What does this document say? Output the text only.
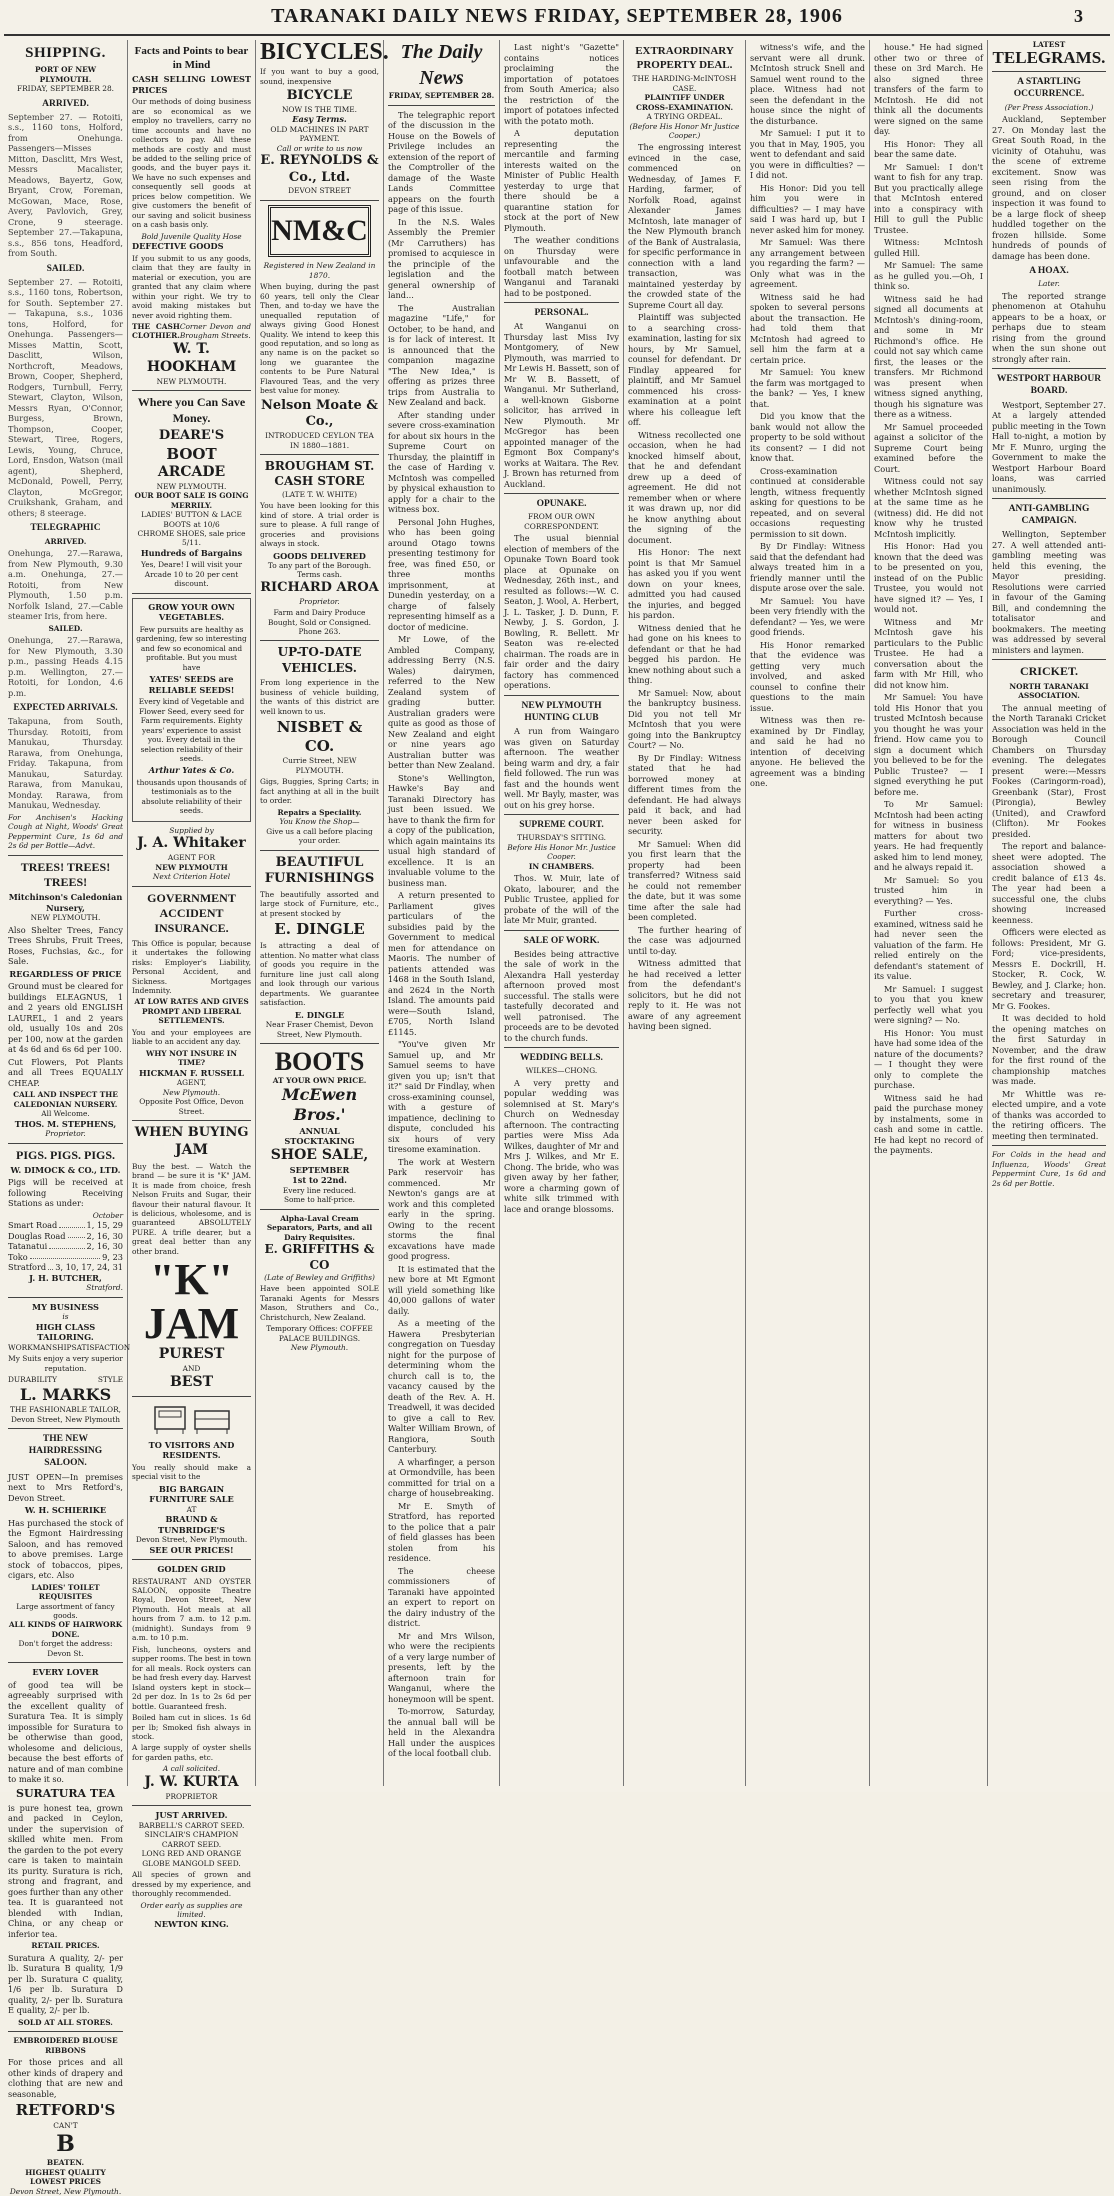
TARANAKI DAILY NEWS FRIDAY, SEPTEMBER 28, 1906	3
SHIPPING.
PORT OF NEW PLYMOUTH.
FRIDAY, SEPTEMBER 28.
ARRIVED.

September 27. — Rotoiti, s.s., 1160 tons, Holford, from Onehunga. Passengers—Misses Mitton, Dasclitt, Mrs West, Messrs Macalister, Meadows, Bayertz, Gow, Bryant, Crow, Foreman, McGowan, Mace, Rose, Avery, Pavlovich, Grey, Crone, 9 steerage. September 27.—Takapuna, s.s., 856 tons, Headford, from South.

SAILED.

September 27. — Rotoiti, s.s., 1160 tons, Robertson, for South. September 27. — Takapuna, s.s., 1036 tons, Holford, for Onehunga. Passengers—Misses Mattin, Scott, Dasclitt, Wilson, Northcroft, Meadows, Brown, Cooper, Shepherd, Rodgers, Turnbull, Ferry, Stewart, Clayton, Wilson, Messrs Ryan, O'Connor, Burgess, Brown, Thompson, Cooper, Stewart, Tiree, Rogers, Lewis, Young, Chruce, Lord, Ensdon, Watson (mail agent), Shepherd, McDonald, Powell, Perry, Clayton, McGregor, Cruikshank, Graham, and others; 8 steerage.

TELEGRAPHIC
ARRIVED.

Onehunga, 27.—Rarawa, from New Plymouth, 9.30 a.m. Onehunga, 27.—Rotoiti, from New Plymouth, 1.50 p.m. Norfolk Island, 27.—Cable steamer Iris, from here.

SAILED.

Onehunga, 27.—Rarawa, for New Plymouth, 3.30 p.m., passing Heads 4.15 p.m. Wellington, 27.—Rotoiti, for London, 4.6 p.m.

EXPECTED ARRIVALS.

Takapuna, from South, Thursday. Rotoiti, from Manukau, Thursday. Rarawa, from Onehunga, Friday. Takapuna, from Manukau, Saturday. Rarawa, from Manukau, Monday. Rarawa, from Manukau, Wednesday.

For Anchisen's Hacking Cough at Night, Woods' Great Peppermint Cure, 1s 6d and 2s 6d per Bottle—Advt.

TREES! TREES! TREES!
Mitchinson's Caledonian Nursery,
NEW PLYMOUTH.

Also Shelter Trees, Fancy Trees Shrubs, Fruit Trees, Roses, Fuchsias, &c., for Sale.

REGARDLESS OF PRICE

Ground must be cleared for buildings ELEAGNUS, 1 and 2 years old ENGLISH LAUREL, 1 and 2 years old, usually 10s and 20s per 100, now at the garden at 4s 6d and 6s 6d per 100.

Cut Flowers, Pot Plants and all Trees EQUALLY CHEAP.

CALL AND INSPECT THE CALEDONIAN NURSERY.
All Welcome.
THOS. M. STEPHENS,
Proprietor.
PIGS. PIGS. PIGS.
W. DIMOCK & CO., LTD.

Pigs will be received at following Receiving Stations as under:

October
Smart Road	1, 15, 29
Douglas Road	2, 16, 30
Tatanatui	2, 16, 30
Toko	9, 23
Stratford 3, 10, 17, 24, 31
J. H. BUTCHER,
Stratford.
MY BUSINESS
is
HIGH CLASS TAILORING.
WORKMANSHIP SATISFACTION

My Suits enjoy a very superior reputation.

DURABILITY	STYLE
L. MARKS
THE FASHIONABLE TAILOR, Devon Street, New Plymouth
THE NEW HAIRDRESSING SALOON.

JUST OPEN—In premises next to Mrs Retford's, Devon Street.

W. H. SCHIERIKE

Has purchased the stock of the Egmont Hairdressing Saloon, and has removed to above premises. Large stock of tobaccos, pipes, cigars, etc. Also

LADIES' TOILET REQUISITES
Large assortment of fancy goods.
ALL KINDS OF HAIRWORK DONE.
Don't forget the address: Devon St.
EVERY LOVER

of good tea will be agreeably surprised with the excellent quality of Suratura Tea. It is simply impossible for Suratura to be otherwise than good, wholesome and delicious, because the best efforts of nature and of man combine to make it so.

SURATURA TEA

is pure honest tea, grown and packed in Ceylon, under the supervision of skilled white men. From the garden to the pot every care is taken to maintain its purity. Suratura is rich, strong and fragrant, and goes further than any other tea. It is guaranteed not blended with Indian, China, or any cheap or inferior tea.

RETAIL PRICES.

Suratura A quality, 2/- per lb. Suratura B quality, 1/9 per lb. Suratura C quality, 1/6 per lb. Suratura D quality, 2/- per lb. Suratura E quality, 2/- per lb.

SOLD AT ALL STORES.
EMBROIDERED BLOUSE RIBBONS

For those prices and all other kinds of drapery and clothing that are new and seasonable,

RETFORD'S
CAN'T
B
BEATEN.
HIGHEST QUALITY LOWEST PRICES
Devon Street, New Plymouth.
Facts and Points to bear in Mind
CASH SELLING LOWEST PRICES

Our methods of doing business are so economical as we employ no travellers, carry no time accounts and have no collectors to pay. All these methods are costly and must be added to the selling price of goods, and the buyer pays it. We have no such expenses and consequently sell goods at prices below competition. We give customers the benefit of our saving and solicit business on a cash basis only.

Bold Juvenile Quality Hose
DEFECTIVE GOODS

If you submit to us any goods, claim that they are faulty in material or execution, you are granted that any claim where within your right. We try to avoid making mistakes but never avoid righting them.

THE CASH CLOTHIER.
Corner Devon and Brougham Streets.
W. T. HOOKHAM
NEW PLYMOUTH.
Where you Can Save Money.
DEARE'S
BOOT
ARCADE
NEW PLYMOUTH.
OUR BOOT SALE IS GOING MERRILY.
LADIES' BUTTON & LACE BOOTS at 10/6
CHROME SHOES, sale price 5/11.
Hundreds of Bargains

Yes, Deare! I will visit your Arcade 10 to 20 per cent discount.

GROW YOUR OWN VEGETABLES.

Few pursuits are healthy as gardening, few so interesting and few so economical and profitable. But you must have

YATES' SEEDS are RELIABLE SEEDS!

Every kind of Vegetable and Flower Seed, every seed for Farm requirements. Eighty years' experience to assist you. Every detail in the selection reliability of their seeds.

Arthur Yates & Co.

thousands upon thousands of testimonials as to the absolute reliability of their seeds.

Supplied by
J. A. Whitaker
AGENT FOR
NEW PLYMOUTH
Next Criterion Hotel
GOVERNMENT ACCIDENT INSURANCE.

This Office is popular, because it undertakes the following risks: Employer's Liability, Personal Accident, and Sickness. Mortgages Indemnity.

AT LOW RATES AND GIVES PROMPT AND LIBERAL SETTLEMENTS.

You and your employees are liable to an accident any day.

WHY NOT INSURE IN TIME?
HICKMAN F. RUSSELL
AGENT,
New Plymouth.
Opposite Post Office, Devon Street.
WHEN BUYING
JAM

Buy the best. — Watch the brand — be sure it is "K" JAM. It is made from choice, fresh Nelson Fruits and Sugar, their flavour their natural flavour. It is delicious, wholesome, and is guaranteed ABSOLUTELY PURE. A trifle dearer, but a great deal better than any other brand.

"K" JAM
PUREST
AND
BEST
TO VISITORS AND RESIDENTS.

You really should make a special visit to the

BIG BARGAIN FURNITURE SALE
AT
BRAUND & TUNBRIDGE'S
Devon Street, New Plymouth.
SEE OUR PRICES!
GOLDEN GRID

RESTAURANT AND OYSTER SALOON, opposite Theatre Royal, Devon Street, New Plymouth. Hot meals at all hours from 7 a.m. to 12 p.m. (midnight). Sundays from 9 a.m. to 10 p.m.

Fish, luncheons, oysters and supper rooms. The best in town for all meals. Rock oysters can be had fresh every day. Harvest Island oysters kept in stock—2d per doz. In 1s to 2s 6d per bottle. Guaranteed fresh.

Boiled ham cut in slices. 1s 6d per lb; Smoked fish always in stock.

A large supply of oyster shells for garden paths, etc.

A call solicited.
J. W. KURTA
PROPRIETOR
JUST ARRIVED.
BARBELL'S CARROT SEED.
SINCLAIR'S CHAMPION CARROT SEED.
LONG RED AND ORANGE GLOBE MANGOLD SEED.

All species of grown and dressed by my experience, and thoroughly recommended.

Order early as supplies are limited.
NEWTON KING.
BICYCLES.

If you want to buy a good, sound, inexpensive

BICYCLE
NOW IS THE TIME.
Easy Terms.
OLD MACHINES IN PART PAYMENT.
Call or write to us now
E. REYNOLDS & Co., Ltd.
DEVON STREET
NM&C
Registered in New Zealand in 1870.

When buying, during the past 60 years, tell only the Clear Then, and to-day we have the unequalled reputation of always giving Good Honest Quality. We intend to keep this good reputation, and so long as any name is on the packet so long we guarantee the contents to be Pure Natural Flavoured Teas, and the very best value for money.

Nelson Moate & Co.,
INTRODUCED CEYLON TEA IN 1880—1881.
BROUGHAM ST. CASH STORE
(LATE T. W. WHITE)

You have been looking for this kind of store. A trial order is sure to please. A full range of groceries and provisions always in stock.

GOODS DELIVERED
To any part of the Borough. Terms cash.
RICHARD AROA
Proprietor.

Farm and Dairy Produce Bought, Sold or Consigned. Phone 263.

UP-TO-DATE VEHICLES.

From long experience in the business of vehicle building, the wants of this district are well known to us.

NISBET & CO.
Currie Street, NEW PLYMOUTH.

Gigs, Buggies, Spring Carts; in fact anything at all in the built to order.

Repairs a Speciality.
You Know the Shop—
Give us a call before placing your order.
BEAUTIFUL
FURNISHINGS

The beautifully assorted and large stock of Furniture, etc., at present stocked by

E. DINGLE

Is attracting a deal of attention. No matter what class of goods you require in the furniture line just call along and look through our various departments. We guarantee satisfaction.

E. DINGLE
Near Fraser Chemist, Devon Street, New Plymouth.
BOOTS
AT YOUR OWN PRICE.
McEwen Bros.'
ANNUAL
STOCKTAKING
SHOE SALE,
SEPTEMBER
1st to 22nd.
Every line reduced.
Some to half-price.
Alpha-Laval Cream Separators, Parts, and all Dairy Requisites.
E. GRIFFITHS & CO
(Late of Bewley and Griffiths)

Have been appointed SOLE Taranaki Agents for Messrs Mason, Struthers and Co., Christchurch, New Zealand.

Temporary Offices: COFFEE PALACE BUILDINGS.
New Plymouth.
The Daily News
FRIDAY, SEPTEMBER 28.

The telegraphic report of the discussion in the House on the Bowels of Privilege includes an extension of the report of the Comptroller of the damage of the Waste Lands Committee appears on the fourth page of this issue.

In the N.S. Wales Assembly the Premier (Mr Carruthers) has promised to acquiesce in the principle of the legislation and the general ownership of land...

The Australian magazine "Life," for October, to be hand, and is for lack of interest. It is announced that the companion magazine "The New Idea," is offering as prizes three trips from Australia to New Zealand and back.

After standing under severe cross-examination for about six hours in the Supreme Court on Thursday, the plaintiff in the case of Harding v. McIntosh was compelled by physical exhaustion to apply for a chair to the witness box.

Personal John Hughes, who has been going around Otago towns presenting testimony for free, was fined £50, or three months imprisonment, at Dunedin yesterday, on a charge of falsely representing himself as a doctor of medicine.

Mr Lowe, of the Ambled Company, addressing Berry (N.S. Wales) dairymen, referred to the New Zealand system of grading butter. Australian graders were quite as good as those of New Zealand and eight or nine years ago Australian butter was better than New Zealand.

Stone's Wellington, Hawke's Bay and Taranaki Directory has just been issued. We have to thank the firm for a copy of the publication, which again maintains its usual high standard of excellence. It is an invaluable volume to the business man.

A return presented to Parliament gives particulars of the subsidies paid by the Government to medical men for attendance on Maoris. The number of patients attended was 1468 in the South Island, and 2624 in the North Island. The amounts paid were—South Island, £705, North Island £1145.

"You've given Mr Samuel up, and Mr Samuel seems to have given you up; isn't that it?" said Dr Findlay, when cross-examining counsel, with a gesture of impatience, declining to dispute, concluded his six hours of very tiresome examination.

The work at Western Park reservoir has commenced. Mr Newton's gangs are at work and this completed early in the spring. Owing to the recent storms the final excavations have made good progress.

It is estimated that the new bore at Mt Egmont will yield something like 40,000 gallons of water daily.

As a meeting of the Hawera Presbyterian congregation on Tuesday night for the purpose of determining whom the church call is to, the vacancy caused by the death of the Rev. A. H. Treadwell, it was decided to give a call to Rev. Walter William Brown, of Rangiora, South Canterbury.

A wharfinger, a person at Ormondville, has been committed for trial on a charge of housebreaking.

Mr E. Smyth of Stratford, has reported to the police that a pair of field glasses has been stolen from his residence.

The cheese commissioners of Taranaki have appointed an expert to report on the dairy industry of the district.

Mr and Mrs Wilson, who were the recipients of a very large number of presents, left by the afternoon train for Wanganui, where the honeymoon will be spent.

To-morrow, Saturday, the annual ball will be held in the Alexandra Hall under the auspices of the local football club.

Last night's "Gazette" contains notices proclaiming the importation of potatoes from South America; also the restriction of the import of potatoes infected with the potato moth.

A deputation representing the mercantile and farming interests waited on the Minister of Public Health yesterday to urge that there should be a quarantine station for stock at the port of New Plymouth.

The weather conditions on Thursday were unfavourable and the football match between Wanganui and Taranaki had to be postponed.

PERSONAL.

At Wanganui on Thursday last Miss Ivy Montgomery, of New Plymouth, was married to Mr Lewis H. Bassett, son of Mr W. B. Bassett, of Wanganui. Mr Sutherland, a well-known Gisborne solicitor, has arrived in New Plymouth. Mr McGregor has been appointed manager of the Egmont Box Company's works at Waitara. The Rev. J. Brown has returned from Auckland.

OPUNAKE.
FROM OUR OWN CORRESPONDENT.

The usual biennial election of members of the Opunake Town Board took place at Opunake on Wednesday, 26th inst., and resulted as follows:—W. C. Seaton, J. Wool, A. Herbert, J. L. Tasker, J. D. Dunn, F. Newby, J. S. Gordon, J. Bowling, R. Bellett. Mr Seaton was re-elected chairman. The roads are in fair order and the dairy factory has commenced operations.

NEW PLYMOUTH HUNTING CLUB

A run from Waingaro was given on Saturday afternoon. The weather being warm and dry, a fair field followed. The run was fast and the hounds went well. Mr Bayly, master, was out on his grey horse.

SUPREME COURT.
THURSDAY'S SITTING.
Before His Honor Mr. Justice Cooper.
IN CHAMBERS.

Thos. W. Muir, late of Okato, labourer, and the Public Trustee, applied for probate of the will of the late Mr Muir, granted.

SALE OF WORK.

Besides being attractive the sale of work in the Alexandra Hall yesterday afternoon proved most successful. The stalls were tastefully decorated and well patronised. The proceeds are to be devoted to the church funds.

WEDDING BELLS.
WILKES—CHONG.

A very pretty and popular wedding was solemnised at St. Mary's Church on Wednesday afternoon. The contracting parties were Miss Ada Wilkes, daughter of Mr and Mrs J. Wilkes, and Mr E. Chong. The bride, who was given away by her father, wore a charming gown of white silk trimmed with lace and orange blossoms.

EXTRAORDINARY PROPERTY DEAL.
THE HARDING-McINTOSH CASE.
PLAINTIFF UNDER CROSS-EXAMINATION.
A TRYING ORDEAL.
(Before His Honor Mr Justice Cooper.)

The engrossing interest evinced in the case, commenced on Wednesday, of James F. Harding, farmer, of Norfolk Road, against Alexander James McIntosh, late manager of the New Plymouth branch of the Bank of Australasia, for specific performance in connection with a land transaction, was maintained yesterday by the crowded state of the Supreme Court all day.

Plaintiff was subjected to a searching cross-examination, lasting for six hours, by Mr Samuel, counsel for defendant. Dr Findlay appeared for plaintiff, and Mr Samuel commenced his cross-examination at a point where his colleague left off.

Witness recollected one occasion, when he had knocked himself about, that he and defendant drew up a deed of agreement. He did not remember when or where it was drawn up, nor did he know anything about the signing of the document.

His Honor: The next point is that Mr Samuel has asked you if you went down on your knees, admitted you had caused the injuries, and begged his pardon.

Witness denied that he had gone on his knees to defendant or that he had begged his pardon. He knew nothing about such a thing.

Mr Samuel: Now, about the bankruptcy business. Did you not tell Mr McIntosh that you were going into the Bankruptcy Court? — No.

By Dr Findlay: Witness stated that he had borrowed money at different times from the defendant. He had always paid it back, and had never been asked for security.

Mr Samuel: When did you first learn that the property had been transferred? Witness said he could not remember the date, but it was some time after the sale had been completed.

The further hearing of the case was adjourned until to-day.

Witness admitted that he had received a letter from the defendant's solicitors, but he did not reply to it. He was not aware of any agreement having been signed.

witness's wife, and the servant were all drunk. McIntosh struck Snell and Samuel went round to the place. Witness had not seen the defendant in the house since the night of the disturbance.

Mr Samuel: I put it to you that in May, 1905, you went to defendant and said you were in difficulties? — I did not.

His Honor: Did you tell him you were in difficulties? — I may have said I was hard up, but I never asked him for money.

Mr Samuel: Was there any arrangement between you regarding the farm? — Only what was in the agreement.

Witness said he had spoken to several persons about the transaction. He had told them that McIntosh had agreed to sell him the farm at a certain price.

Mr Samuel: You knew the farm was mortgaged to the bank? — Yes, I knew that.

Did you know that the bank would not allow the property to be sold without its consent? — I did not know that.

Cross-examination continued at considerable length, witness frequently asking for questions to be repeated, and on several occasions requesting permission to sit down.

By Dr Findlay: Witness said that the defendant had always treated him in a friendly manner until the dispute arose over the sale.

Mr Samuel: You have been very friendly with the defendant? — Yes, we were good friends.

His Honor remarked that the evidence was getting very much involved, and asked counsel to confine their questions to the main issue.

Witness was then re-examined by Dr Findlay, and said he had no intention of deceiving anyone. He believed the agreement was a binding one.

house." He had signed other two or three of these on 3rd March. He also signed three transfers of the farm to McIntosh. He did not think all the documents were signed on the same day.

His Honor: They all bear the same date.

Mr Samuel: I don't want to fish for any trap. But you practically allege that McIntosh entered into a conspiracy with Hill to gull the Public Trustee.

Witness: McIntosh gulled Hill.

Mr Samuel: The same as he gulled you.—Oh, I think so.

Witness said he had signed all documents at McIntosh's dining-room, and some in Mr Richmond's office. He could not say which came first, the leases or the transfers. Mr Richmond was present when witness signed anything, though his signature was there as a witness.

Mr Samuel proceeded against a solicitor of the Supreme Court being examined before the Court.

Witness could not say whether McIntosh signed at the same time as he (witness) did. He did not know why he trusted McIntosh implicitly.

His Honor: Had you known that the deed was to be presented on you, instead of on the Public Trustee, you would not have signed it? — Yes, I would not.

Witness and Mr McIntosh gave his particulars to the Public Trustee. He had a conversation about the farm with Mr Hill, who did not know him.

Mr Samuel: You have told His Honor that you trusted McIntosh because you thought he was your friend. How came you to sign a document which you believed to be for the Public Trustee? — I signed everything he put before me.

To Mr Samuel: McIntosh had been acting for witness in business matters for about two years. He had frequently asked him to lend money, and he always repaid it.

Mr Samuel: So you trusted him in everything? — Yes.

Further cross-examined, witness said he had never seen the valuation of the farm. He relied entirely on the defendant's statement of its value.

Mr Samuel: I suggest to you that you knew perfectly well what you were signing? — No.

His Honor: You must have had some idea of the nature of the documents? — I thought they were only to complete the purchase.

Witness said he had paid the purchase money by instalments, some in cash and some in cattle. He had kept no record of the payments.

LATEST
TELEGRAMS.
A STARTLING OCCURRENCE.
(Per Press Association.)

Auckland, September 27. On Monday last the Great South Road, in the vicinity of Otahuhu, was the scene of extreme excitement. Snow was seen rising from the ground, and on closer inspection it was found to be a large flock of sheep huddled together on the frozen hillside. Some hundreds of pounds of damage has been done.

A HOAX.
Later.

The reported strange phenomenon at Otahuhu appears to be a hoax, or perhaps due to steam rising from the ground when the sun shone out strongly after rain.

WESTPORT HARBOUR BOARD.

Westport, September 27. At a largely attended public meeting in the Town Hall to-night, a motion by Mr F. Munro, urging the Government to make the Westport Harbour Board loans, was carried unanimously.

ANTI-GAMBLING CAMPAIGN.

Wellington, September 27. A well attended anti-gambling meeting was held this evening, the Mayor presiding. Resolutions were carried in favour of the Gaming Bill, and condemning the totalisator and bookmakers. The meeting was addressed by several ministers and laymen.

CRICKET.
NORTH TARANAKI ASSOCIATION.

The annual meeting of the North Taranaki Cricket Association was held in the Borough Council Chambers on Thursday evening. The delegates present were:—Messrs Fookes (Caringorm-road), Greenbank (Star), Frost (Pirongia), Bewley (United), and Crawford (Clifton). Mr Fookes presided.

The report and balance-sheet were adopted. The association showed a credit balance of £13 4s. The year had been a successful one, the clubs showing increased keenness.

Officers were elected as follows: President, Mr G. Ford; vice-presidents, Messrs E. Dockrill, H. Stocker, R. Cock, W. Bewley, and J. Clarke; hon. secretary and treasurer, Mr G. Fookes.

It was decided to hold the opening matches on the first Saturday in November, and the draw for the first round of the championship matches was made.

Mr Whittle was re-elected umpire, and a vote of thanks was accorded to the retiring officers. The meeting then terminated.

For Colds in the head and Influenza, Woods' Great Peppermint Cure, 1s 6d and 2s 6d per Bottle.
